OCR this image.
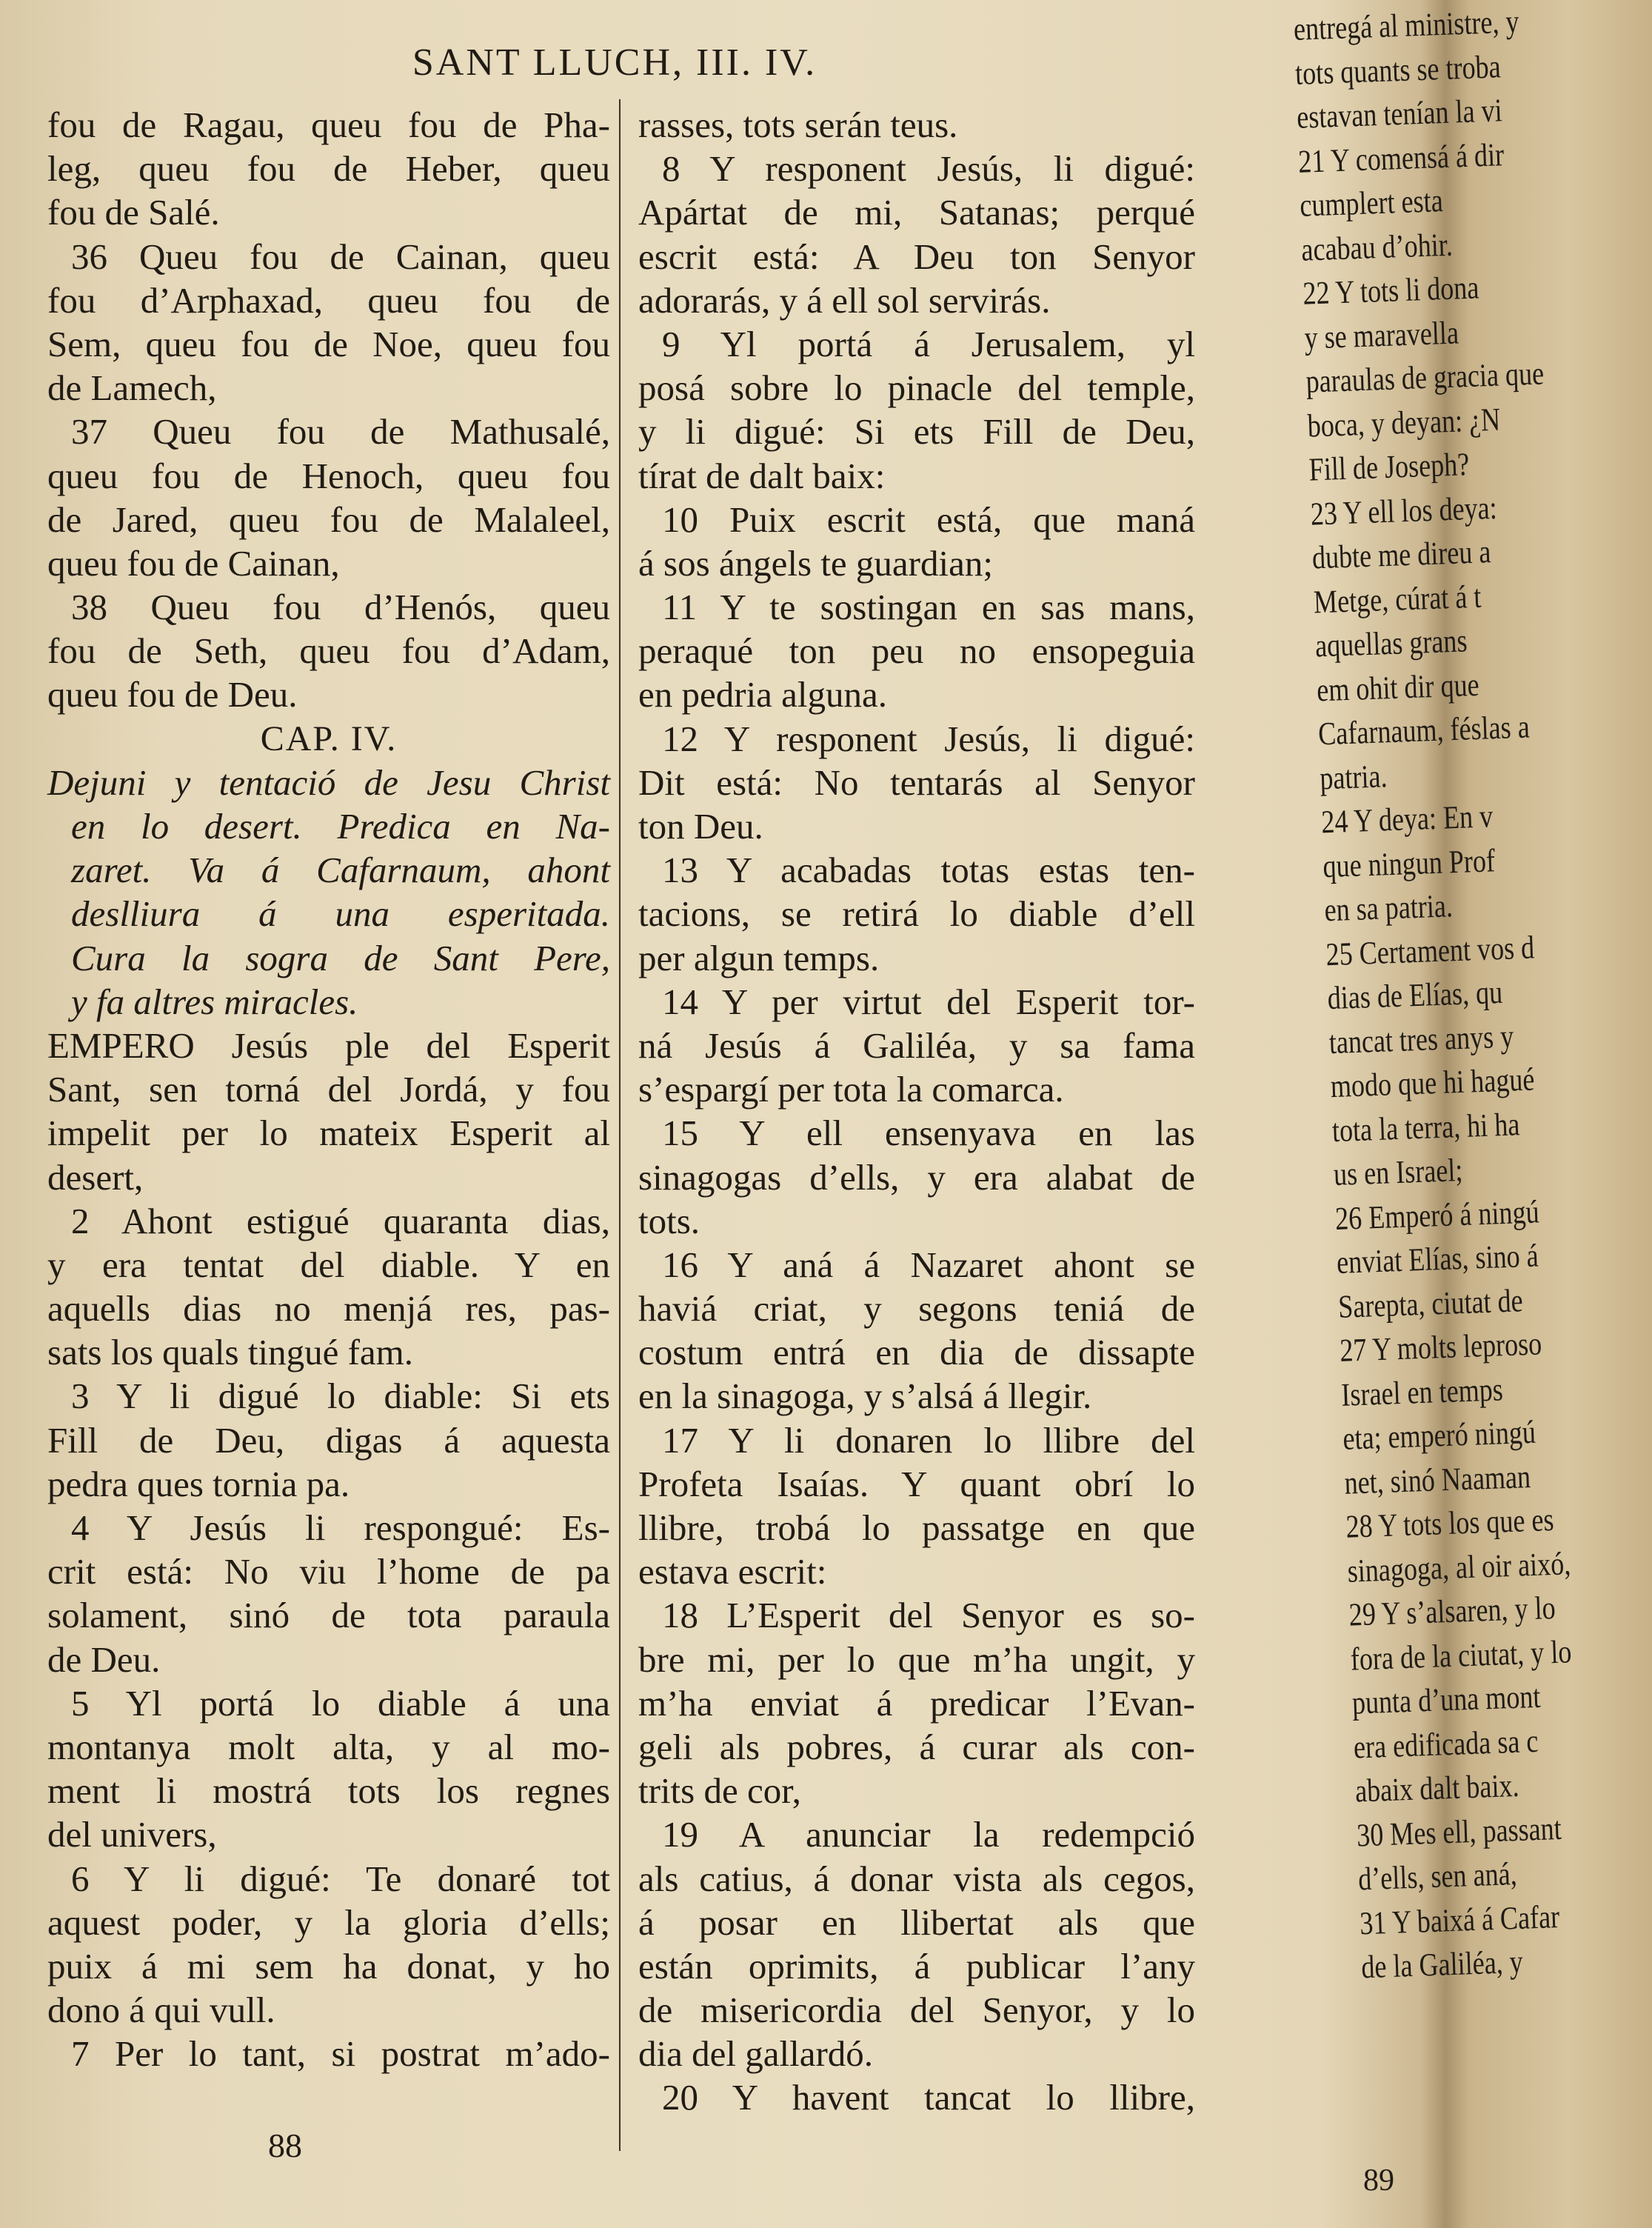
SANT LLUCH, III. IV.
fou de Ragau, queu fou de Pha-
leg, queu fou de Heber, queu
fou de Salé.
36 Queu fou de Cainan, queu
fou d’Arphaxad, queu fou de
Sem, queu fou de Noe, queu fou
de Lamech,
37 Queu fou de Mathusalé,
queu fou de Henoch, queu fou
de Jared, queu fou de Malaleel,
queu fou de Cainan,
38 Queu fou d’Henós, queu
fou de Seth, queu fou d’Adam,
queu fou de Deu.
CAP. IV.
Dejuni y tentació de Jesu Christ
en lo desert. Predica en Na-
zaret. Va á Cafarnaum, ahont
deslliura á una esperitada.
Cura la sogra de Sant Pere,
y fa altres miracles.
EMPERO Jesús ple del Esperit
Sant, sen torná del Jordá, y fou
impelit per lo mateix Esperit al
desert,
2 Ahont estigué quaranta dias,
y era tentat del diable. Y en
aquells dias no menjá res, pas-
sats los quals tingué fam.
3 Y li digué lo diable: Si ets
Fill de Deu, digas á aquesta
pedra ques tornia pa.
4 Y Jesús li respongué: Es-
crit está: No viu l’home de pa
solament, sinó de tota paraula
de Deu.
5 Yl portá lo diable á una
montanya molt alta, y al mo-
ment li mostrá tots los regnes
del univers,
6 Y li digué: Te donaré tot
aquest poder, y la gloria d’ells;
puix á mi sem ha donat, y ho
dono á qui vull.
7 Per lo tant, si postrat m’ado-
rasses, tots serán teus.
8 Y responent Jesús, li digué:
Apártat de mi, Satanas; perqué
escrit está: A Deu ton Senyor
adorarás, y á ell sol servirás.
9 Yl portá á Jerusalem, yl
posá sobre lo pinacle del temple,
y li digué: Si ets Fill de Deu,
tírat de dalt baix:
10 Puix escrit está, que maná
á sos ángels te guardian;
11 Y te sostingan en sas mans,
peraqué ton peu no ensopeguia
en pedria alguna.
12 Y responent Jesús, li digué:
Dit está: No tentarás al Senyor
ton Deu.
13 Y acabadas totas estas ten-
tacions, se retirá lo diable d’ell
per algun temps.
14 Y per virtut del Esperit tor-
ná Jesús á Galiléa, y sa fama
s’espargí per tota la comarca.
15 Y ell ensenyava en las
sinagogas d’ells, y era alabat de
tots.
16 Y aná á Nazaret ahont se
haviá criat, y segons teniá de
costum entrá en dia de dissapte
en la sinagoga, y s’alsá á llegir.
17 Y li donaren lo llibre del
Profeta Isaías. Y quant obrí lo
llibre, trobá lo passatge en que
estava escrit:
18 L’Esperit del Senyor es so-
bre mi, per lo que m’ha ungit, y
m’ha enviat á predicar l’Evan-
geli als pobres, á curar als con-
trits de cor,
19 A anunciar la redempció
als catius, á donar vista als cegos,
á posar en llibertat als que
están oprimits, á publicar l’any
de misericordia del Senyor, y lo
dia del gallardó.
20 Y havent tancat lo llibre,
88
entregá al ministre, y
tots quants se troba
estavan tenían la vi
21 Y comensá á dir
cumplert esta
acabau d’ohir.
22 Y tots li dona
y se maravella
paraulas de gracia que
boca, y deyan: ¿N
Fill de Joseph?
23 Y ell los deya:
dubte me direu a
Metge, cúrat á t
aquellas grans
em ohit dir que
Cafarnaum, féslas a
patria.
24 Y deya: En v
que ningun Prof
en sa patria.
25 Certament vos d
dias de Elías, qu
tancat tres anys y
modo que hi hagué
tota la terra, hi ha
us en Israel;
26 Emperó á ningú
enviat Elías, sino á
Sarepta, ciutat de
27 Y molts leproso
Israel en temps
eta; emperó ningú
net, sinó Naaman
28 Y tots los que es
sinagoga, al oir aixó,
29 Y s’alsaren, y lo
fora de la ciutat, y lo
punta d’una mont
era edificada sa c
abaix dalt baix.
30 Mes ell, passant
d’ells, sen aná,
31 Y baixá á Cafar
de la Galiléa, y
89
